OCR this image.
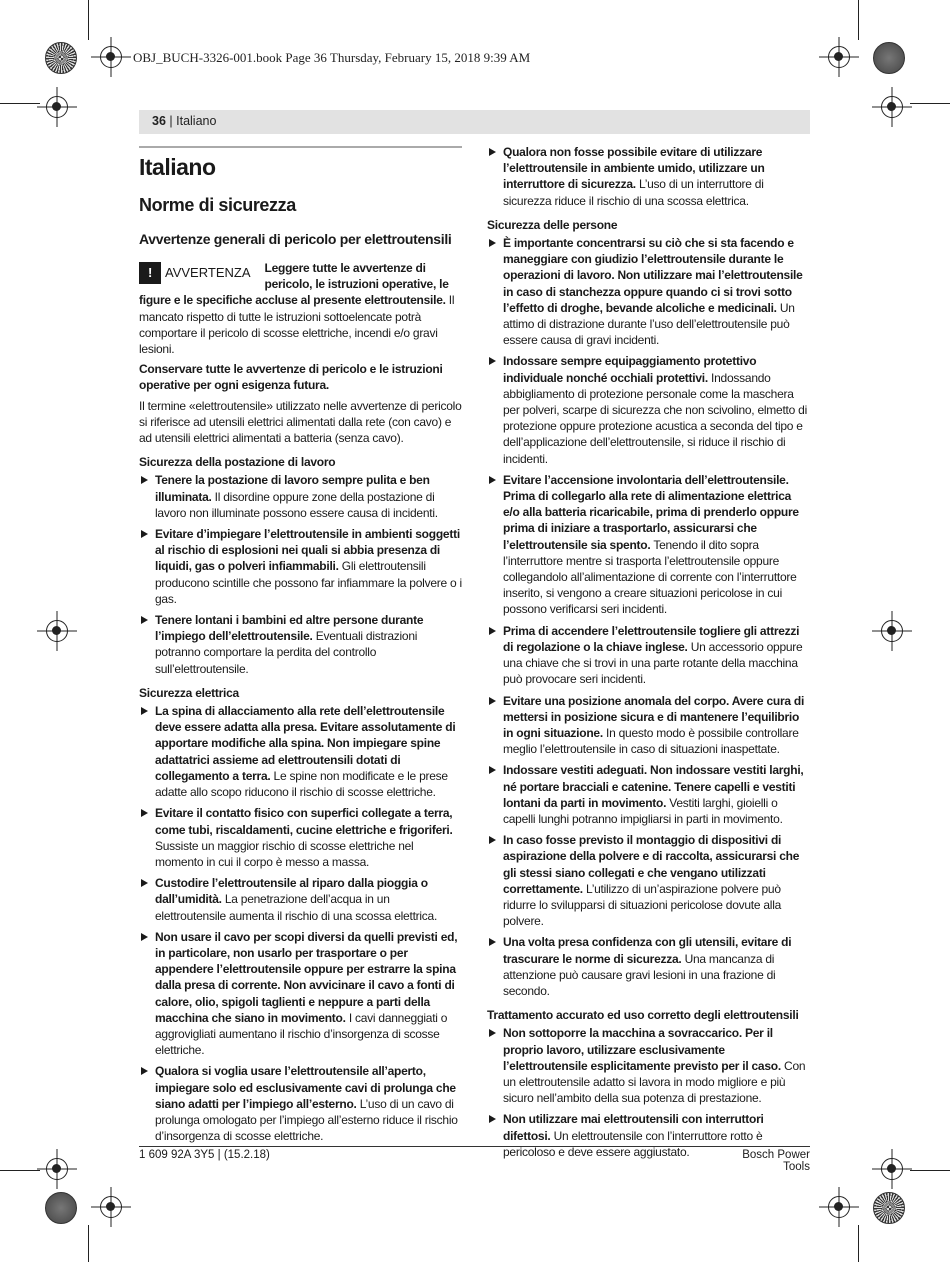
OBJ_BUCH-3326-001.book Page 36 Thursday, February 15, 2018 9:39 AM
36 | Italiano
Italiano
Norme di sicurezza
Avvertenze generali di pericolo per elettroutensili
! AVVERTENZA Leggere tutte le avvertenze di pericolo, le istruzioni operative, le figure e le specifiche accluse al presente elettroutensile. Il mancato rispetto di tutte le istruzioni sottoelencate potrà comportare il pericolo di scosse elettriche, incendi e/o gravi lesioni.

Conservare tutte le avvertenze di pericolo e le istruzioni operative per ogni esigenza futura.

Il termine «elettroutensile» utilizzato nelle avvertenze di pericolo si riferisce ad utensili elettrici alimentati dalla rete (con cavo) e ad utensili elettrici alimentati a batteria (senza cavo).

Sicurezza della postazione di lavoro
Tenere la postazione di lavoro sempre pulita e ben illuminata. Il disordine oppure zone della postazione di lavoro non illuminate possono essere causa di incidenti.
Evitare d’impiegare l’elettroutensile in ambienti soggetti al rischio di esplosioni nei quali si abbia presenza di liquidi, gas o polveri infiammabili. Gli elettroutensili producono scintille che possono far infiammare la polvere o i gas.
Tenere lontani i bambini ed altre persone durante l’impiego dell’elettroutensile. Eventuali distrazioni potranno comportare la perdita del controllo sull’elettroutensile.
Sicurezza elettrica
La spina di allacciamento alla rete dell’elettroutensile deve essere adatta alla presa. Evitare assolutamente di apportare modifiche alla spina. Non impiegare spine adattatrici assieme ad elettroutensili dotati di collegamento a terra. Le spine non modificate e le prese adatte allo scopo riducono il rischio di scosse elettriche.
Evitare il contatto fisico con superfici collegate a terra, come tubi, riscaldamenti, cucine elettriche e frigoriferi. Sussiste un maggior rischio di scosse elettriche nel momento in cui il corpo è messo a massa.
Custodire l’elettroutensile al riparo dalla pioggia o dall’umidità. La penetrazione dell’acqua in un elettroutensile aumenta il rischio di una scossa elettrica.
Non usare il cavo per scopi diversi da quelli previsti ed, in particolare, non usarlo per trasportare o per appendere l’elettroutensile oppure per estrarre la spina dalla presa di corrente. Non avvicinare il cavo a fonti di calore, olio, spigoli taglienti e neppure a parti della macchina che siano in movimento. I cavi danneggiati o aggrovigliati aumentano il rischio d’insorgenza di scosse elettriche.
Qualora si voglia usare l’elettroutensile all’aperto, impiegare solo ed esclusivamente cavi di prolunga che siano adatti per l’impiego all’esterno. L’uso di un cavo di prolunga omologato per l’impiego all’esterno riduce il rischio d’insorgenza di scosse elettriche.
Qualora non fosse possibile evitare di utilizzare l’elettroutensile in ambiente umido, utilizzare un interruttore di sicurezza. L’uso di un interruttore di sicurezza riduce il rischio di una scossa elettrica.
Sicurezza delle persone
È importante concentrarsi su ciò che si sta facendo e maneggiare con giudizio l’elettroutensile durante le operazioni di lavoro. Non utilizzare mai l’elettroutensile in caso di stanchezza oppure quando ci si trovi sotto l’effetto di droghe, bevande alcoliche e medicinali. Un attimo di distrazione durante l’uso dell’elettroutensile può essere causa di gravi incidenti.
Indossare sempre equipaggiamento protettivo individuale nonché occhiali protettivi. Indossando abbigliamento di protezione personale come la maschera per polveri, scarpe di sicurezza che non scivolino, elmetto di protezione oppure protezione acustica a seconda del tipo e dell’applicazione dell’elettroutensile, si riduce il rischio di incidenti.
Evitare l’accensione involontaria dell’elettroutensile. Prima di collegarlo alla rete di alimentazione elettrica e/o alla batteria ricaricabile, prima di prenderlo oppure prima di iniziare a trasportarlo, assicurarsi che l’elettroutensile sia spento. Tenendo il dito sopra l’interruttore mentre si trasporta l’elettroutensile oppure collegandolo all’alimentazione di corrente con l’interruttore inserito, si vengono a creare situazioni pericolose in cui possono verificarsi seri incidenti.
Prima di accendere l’elettroutensile togliere gli attrezzi di regolazione o la chiave inglese. Un accessorio oppure una chiave che si trovi in una parte rotante della macchina può provocare seri incidenti.
Evitare una posizione anomala del corpo. Avere cura di mettersi in posizione sicura e di mantenere l’equilibrio in ogni situazione. In questo modo è possibile controllare meglio l’elettroutensile in caso di situazioni inaspettate.
Indossare vestiti adeguati. Non indossare vestiti larghi, né portare bracciali e catenine. Tenere capelli e vestiti lontani da parti in movimento. Vestiti larghi, gioielli o capelli lunghi potranno impigliarsi in parti in movimento.
In caso fosse previsto il montaggio di dispositivi di aspirazione della polvere e di raccolta, assicurarsi che gli stessi siano collegati e che vengano utilizzati correttamente. L’utilizzo di un’aspirazione polvere può ridurre lo svilupparsi di situazioni pericolose dovute alla polvere.
Una volta presa confidenza con gli utensili, evitare di trascurare le norme di sicurezza. Una mancanza di attenzione può causare gravi lesioni in una frazione di secondo.
Trattamento accurato ed uso corretto degli elettroutensili
Non sottoporre la macchina a sovraccarico. Per il proprio lavoro, utilizzare esclusivamente l’elettroutensile esplicitamente previsto per il caso. Con un elettroutensile adatto si lavora in modo migliore e più sicuro nell’ambito della sua potenza di prestazione.
Non utilizzare mai elettroutensili con interruttori difettosi. Un elettroutensile con l’interruttore rotto è pericoloso e deve essere aggiustato.
1 609 92A 3Y5 | (15.2.18)	Bosch Power Tools
